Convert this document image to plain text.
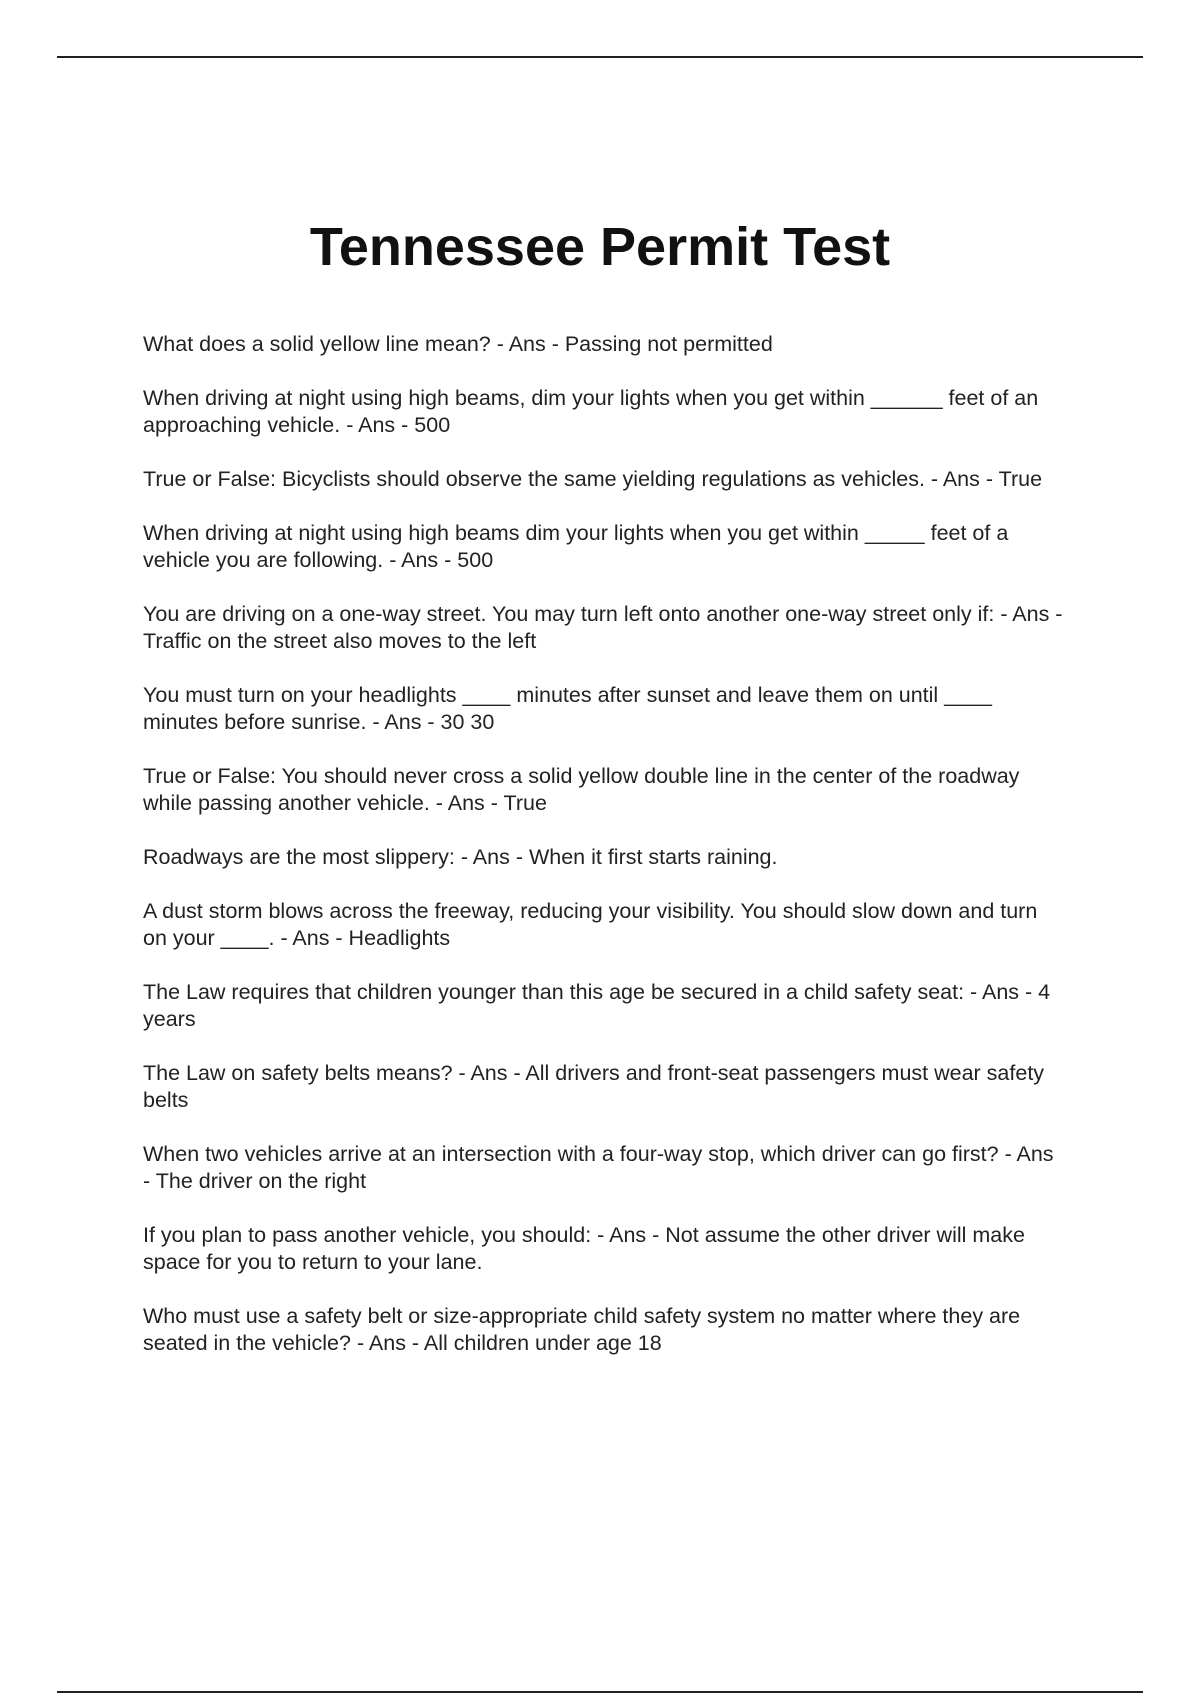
Tennessee Permit Test
What does a solid yellow line mean? - Ans - Passing not permitted
When driving at night using high beams, dim your lights when you get within ______ feet of an approaching vehicle. - Ans - 500
True or False: Bicyclists should observe the same yielding regulations as vehicles. - Ans - True
When driving at night using high beams dim your lights when you get within _____ feet of a vehicle you are following. - Ans - 500
You are driving on a one-way street. You may turn left onto another one-way street only if: - Ans - Traffic on the street also moves to the left
You must turn on your headlights ____ minutes after sunset and leave them on until ____ minutes before sunrise. - Ans - 30 30
True or False: You should never cross a solid yellow double line in the center of the roadway while passing another vehicle. - Ans - True
Roadways are the most slippery: - Ans - When it first starts raining.
A dust storm blows across the freeway, reducing your visibility. You should slow down and turn on your ____. - Ans - Headlights
The Law requires that children younger than this age be secured in a child safety seat: - Ans - 4 years
The Law on safety belts means? - Ans - All drivers and front-seat passengers must wear safety belts
When two vehicles arrive at an intersection with a four-way stop, which driver can go first? - Ans - The driver on the right
If you plan to pass another vehicle, you should: - Ans - Not assume the other driver will make space for you to return to your lane.
Who must use a safety belt or size-appropriate child safety system no matter where they are seated in the vehicle? - Ans - All children under age 18
